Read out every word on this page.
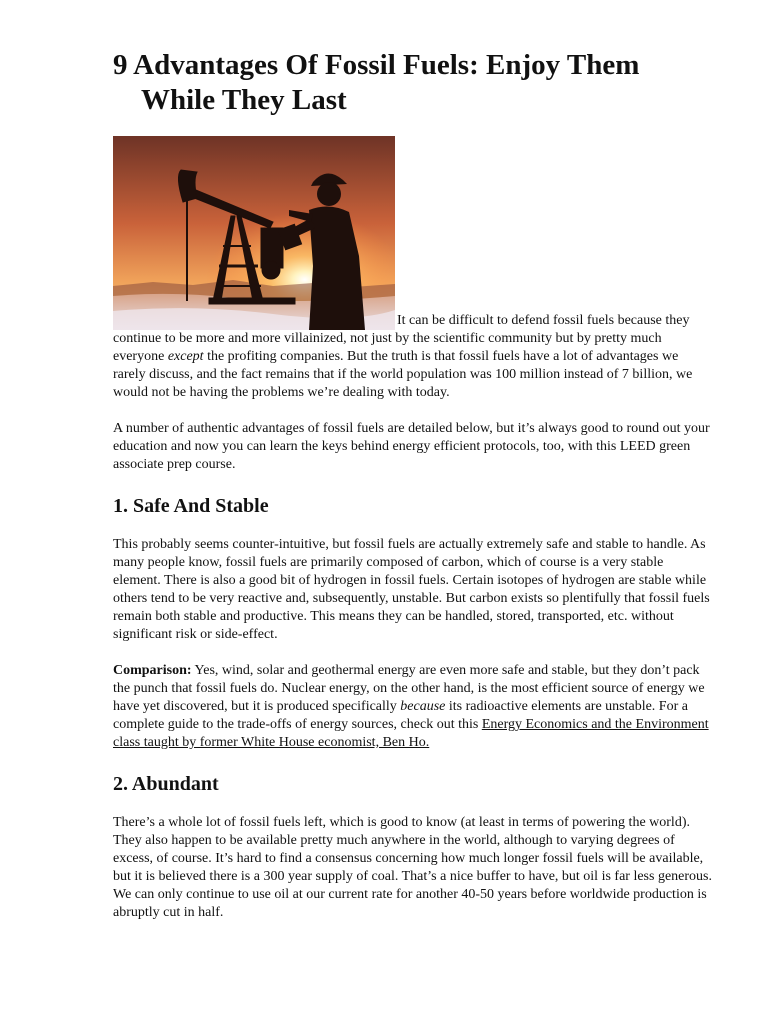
9 Advantages Of Fossil Fuels: Enjoy Them While They Last

It can be difficult to defend fossil fuels because they continue to be more and more villainized, not just by the scientific community but by pretty much everyone except the profiting companies. But the truth is that fossil fuels have a lot of advantages we rarely discuss, and the fact remains that if the world population was 100 million instead of 7 billion, we would not be having the problems we’re dealing with today.

A number of authentic advantages of fossil fuels are detailed below, but it’s always good to round out your education and now you can learn the keys behind energy efficient protocols, too, with this LEED green associate prep course.

1. Safe And Stable

This probably seems counter-intuitive, but fossil fuels are actually extremely safe and stable to handle. As many people know, fossil fuels are primarily composed of carbon, which of course is a very stable element. There is also a good bit of hydrogen in fossil fuels. Certain isotopes of hydrogen are stable while others tend to be very reactive and, subsequently, unstable. But carbon exists so plentifully that fossil fuels remain both stable and productive. This means they can be handled, stored, transported, etc. without significant risk or side-effect.

Comparison: Yes, wind, solar and geothermal energy are even more safe and stable, but they don’t pack the punch that fossil fuels do. Nuclear energy, on the other hand, is the most efficient source of energy we have yet discovered, but it is produced specifically because its radioactive elements are unstable. For a complete guide to the trade-offs of energy sources, check out this Energy Economics and the Environment class taught by former White House economist, Ben Ho.

2. Abundant

There’s a whole lot of fossil fuels left, which is good to know (at least in terms of powering the world). They also happen to be available pretty much anywhere in the world, although to varying degrees of excess, of course. It’s hard to find a consensus concerning how much longer fossil fuels will be available, but it is believed there is a 300 year supply of coal. That’s a nice buffer to have, but oil is far less generous. We can only continue to use oil at our current rate for another 40-50 years before worldwide production is abruptly cut in half.
